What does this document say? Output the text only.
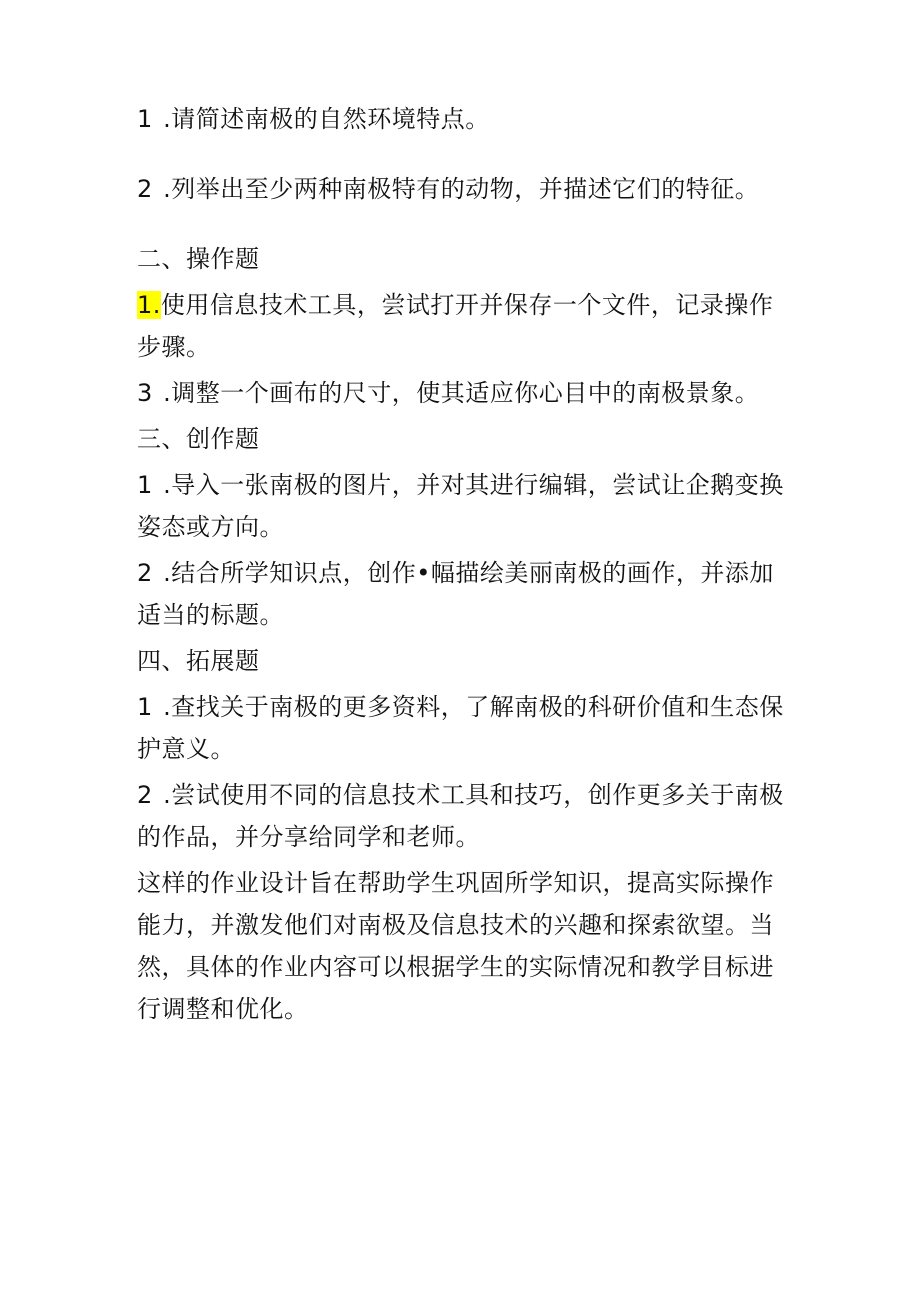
1 .请简述南极的自然环境特点。

2 .列举出至少两种南极特有的动物，并描述它们的特征。

二、操作题

1.使用信息技术工具，尝试打开并保存一个文件，记录操作步骤。

3 .调整一个画布的尺寸，使其适应你心目中的南极景象。

三、创作题

1 .导入一张南极的图片，并对其进行编辑，尝试让企鹅变换姿态或方向。

2 .结合所学知识点，创作•幅描绘美丽南极的画作，并添加适当的标题。

四、拓展题

1 .查找关于南极的更多资料，了解南极的科研价值和生态保护意义。

2 .尝试使用不同的信息技术工具和技巧，创作更多关于南极的作品，并分享给同学和老师。

这样的作业设计旨在帮助学生巩固所学知识，提高实际操作能力，并激发他们对南极及信息技术的兴趣和探索欲望。当然，具体的作业内容可以根据学生的实际情况和教学目标进行调整和优化。
